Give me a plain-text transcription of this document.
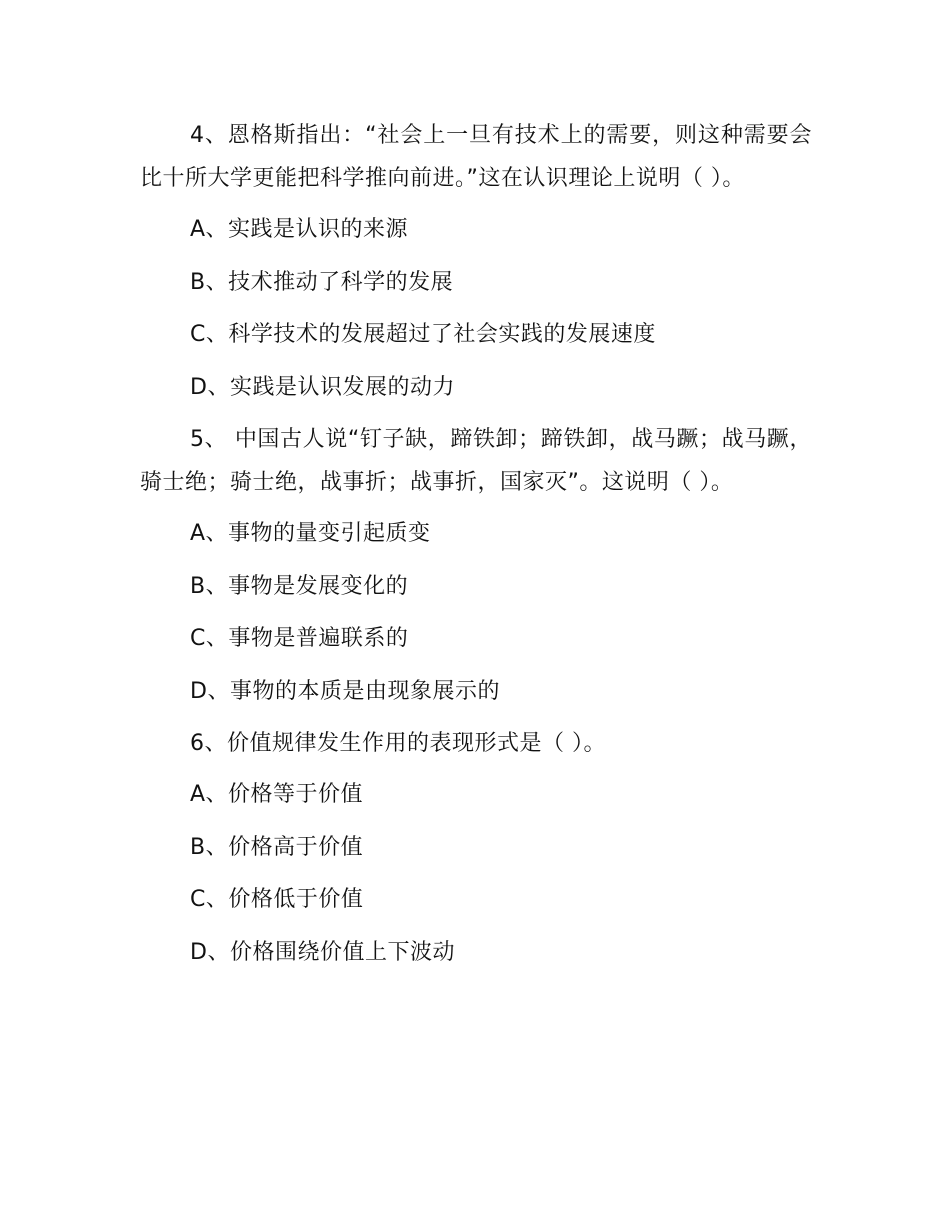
4、恩格斯指出：“社会上一旦有技术上的需要，则这种需要会比十所大学更能把科学推向前进。”这在认识理论上说明（ ）。

A、实践是认识的来源
B、技术推动了科学的发展
C、科学技术的发展超过了社会实践的发展速度
D、实践是认识发展的动力

5、 中国古人说“钉子缺，蹄铁卸；蹄铁卸，战马蹶；战马蹶，骑士绝；骑士绝，战事折；战事折，国家灭”。这说明（ ）。

A、事物的量变引起质变
B、事物是发展变化的
C、事物是普遍联系的
D、事物的本质是由现象展示的

6、价值规律发生作用的表现形式是（ ）。

A、价格等于价值
B、价格高于价值
C、价格低于价值
D、价格围绕价值上下波动
